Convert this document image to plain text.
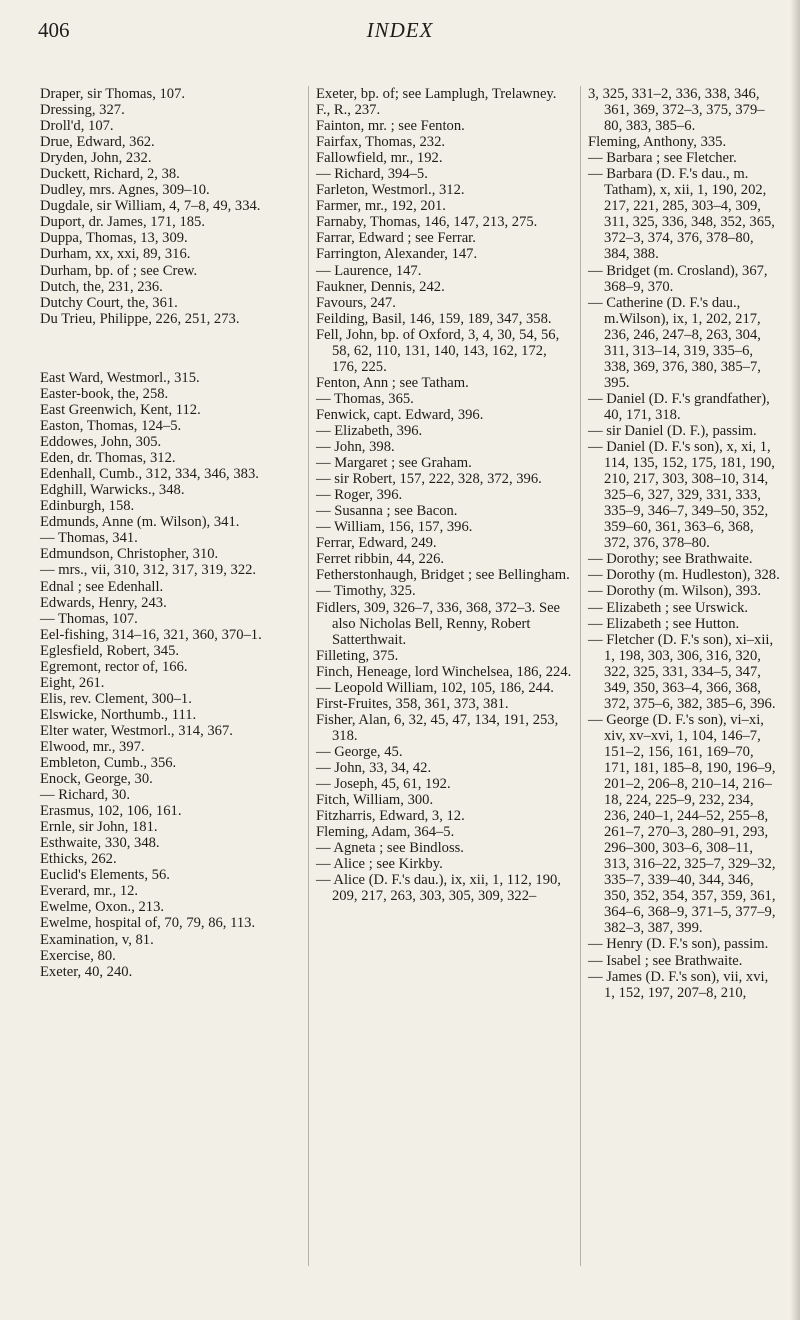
406	INDEX

Draper, sir Thomas, 107.

Dressing, 327.

Droll'd, 107.

Drue, Edward, 362.

Dryden, John, 232.

Duckett, Richard, 2, 38.

Dudley, mrs. Agnes, 309–10.

Dugdale, sir William, 4, 7–8, 49, 334.

Duport, dr. James, 171, 185.

Duppa, Thomas, 13, 309.

Durham, xx, xxi, 89, 316.

Durham, bp. of ; see Crew.

Dutch, the, 231, 236.

Dutchy Court, the, 361.

Du Trieu, Philippe, 226, 251, 273.

East Ward, Westmorl., 315.

Easter-book, the, 258.

East Greenwich, Kent, 112.

Easton, Thomas, 124–5.

Eddowes, John, 305.

Eden, dr. Thomas, 312.

Edenhall, Cumb., 312, 334, 346, 383.

Edghill, Warwicks., 348.

Edinburgh, 158.

Edmunds, Anne (m. Wilson), 341.

— Thomas, 341.

Edmundson, Christopher, 310.

— mrs., vii, 310, 312, 317, 319, 322.

Ednal ; see Edenhall.

Edwards, Henry, 243.

— Thomas, 107.

Eel-fishing, 314–16, 321, 360, 370–1.

Eglesfield, Robert, 345.

Egremont, rector of, 166.

Eight, 261.

Elis, rev. Clement, 300–1.

Elswicke, Northumb., 111.

Elter water, Westmorl., 314, 367.

Elwood, mr., 397.

Embleton, Cumb., 356.

Enock, George, 30.

— Richard, 30.

Erasmus, 102, 106, 161.

Ernle, sir John, 181.

Esthwaite, 330, 348.

Ethicks, 262.

Euclid's Elements, 56.

Everard, mr., 12.

Ewelme, Oxon., 213.

Ewelme, hospital of, 70, 79, 86, 113.

Examination, v, 81.

Exercise, 80.

Exeter, 40, 240.

Exeter, bp. of; see Lamplugh, Trelawney.

F., R., 237.

Fainton, mr. ; see Fenton.

Fairfax, Thomas, 232.

Fallowfield, mr., 192.

— Richard, 394–5.

Farleton, Westmorl., 312.

Farmer, mr., 192, 201.

Farnaby, Thomas, 146, 147, 213, 275.

Farrar, Edward ; see Ferrar.

Farrington, Alexander, 147.

— Laurence, 147.

Faukner, Dennis, 242.

Favours, 247.

Feilding, Basil, 146, 159, 189, 347, 358.

Fell, John, bp. of Oxford, 3, 4, 30, 54, 56, 58, 62, 110, 131, 140, 143, 162, 172, 176, 225.

Fenton, Ann ; see Tatham.

— Thomas, 365.

Fenwick, capt. Edward, 396.

— Elizabeth, 396.

— John, 398.

— Margaret ; see Graham.

— sir Robert, 157, 222, 328, 372, 396.

— Roger, 396.

— Susanna ; see Bacon.

— William, 156, 157, 396.

Ferrar, Edward, 249.

Ferret ribbin, 44, 226.

Fetherstonhaugh, Bridget ; see Bellingham.

— Timothy, 325.

Fidlers, 309, 326–7, 336, 368, 372–3. See also Nicholas Bell, Renny, Robert Satterthwait.

Filleting, 375.

Finch, Heneage, lord Winchelsea, 186, 224.

— Leopold William, 102, 105, 186, 244.

First-Fruites, 358, 361, 373, 381.

Fisher, Alan, 6, 32, 45, 47, 134, 191, 253, 318.

— George, 45.

— John, 33, 34, 42.

— Joseph, 45, 61, 192.

Fitch, William, 300.

Fitzharris, Edward, 3, 12.

Fleming, Adam, 364–5.

— Agneta ; see Bindloss.

— Alice ; see Kirkby.

— Alice (D. F.'s dau.), ix, xii, 1, 112, 190, 209, 217, 263, 303, 305, 309, 322–

3, 325, 331–2, 336, 338, 346, 361, 369, 372–3, 375, 379–80, 383, 385–6.

Fleming, Anthony, 335.

— Barbara ; see Fletcher.

— Barbara (D. F.'s dau., m. Tatham), x, xii, 1, 190, 202, 217, 221, 285, 303–4, 309, 311, 325, 336, 348, 352, 365, 372–3, 374, 376, 378–80, 384, 388.

— Bridget (m. Crosland), 367, 368–9, 370.

— Catherine (D. F.'s dau., m.Wilson), ix, 1, 202, 217, 236, 246, 247–8, 263, 304, 311, 313–14, 319, 335–6, 338, 369, 376, 380, 385–7, 395.

— Daniel (D. F.'s grandfather), 40, 171, 318.

— sir Daniel (D. F.), passim.

— Daniel (D. F.'s son), x, xi, 1, 114, 135, 152, 175, 181, 190, 210, 217, 303, 308–10, 314, 325–6, 327, 329, 331, 333, 335–9, 346–7, 349–50, 352, 359–60, 361, 363–6, 368, 372, 376, 378–80.

— Dorothy; see Brathwaite.

— Dorothy (m. Hudleston), 328.

— Dorothy (m. Wilson), 393.

— Elizabeth ; see Urswick.

— Elizabeth ; see Hutton.

— Fletcher (D. F.'s son), xi–xii, 1, 198, 303, 306, 316, 320, 322, 325, 331, 334–5, 347, 349, 350, 363–4, 366, 368, 372, 375–6, 382, 385–6, 396.

— George (D. F.'s son), vi–xi, xiv, xv–xvi, 1, 104, 146–7, 151–2, 156, 161, 169–70, 171, 181, 185–8, 190, 196–9, 201–2, 206–8, 210–14, 216–18, 224, 225–9, 232, 234, 236, 240–1, 244–52, 255–8, 261–7, 270–3, 280–91, 293, 296–300, 303–6, 308–11, 313, 316–22, 325–7, 329–32, 335–7, 339–40, 344, 346, 350, 352, 354, 357, 359, 361, 364–6, 368–9, 371–5, 377–9, 382–3, 387, 399.

— Henry (D. F.'s son), passim.

— Isabel ; see Brathwaite.

— James (D. F.'s son), vii, xvi, 1, 152, 197, 207–8, 210,
